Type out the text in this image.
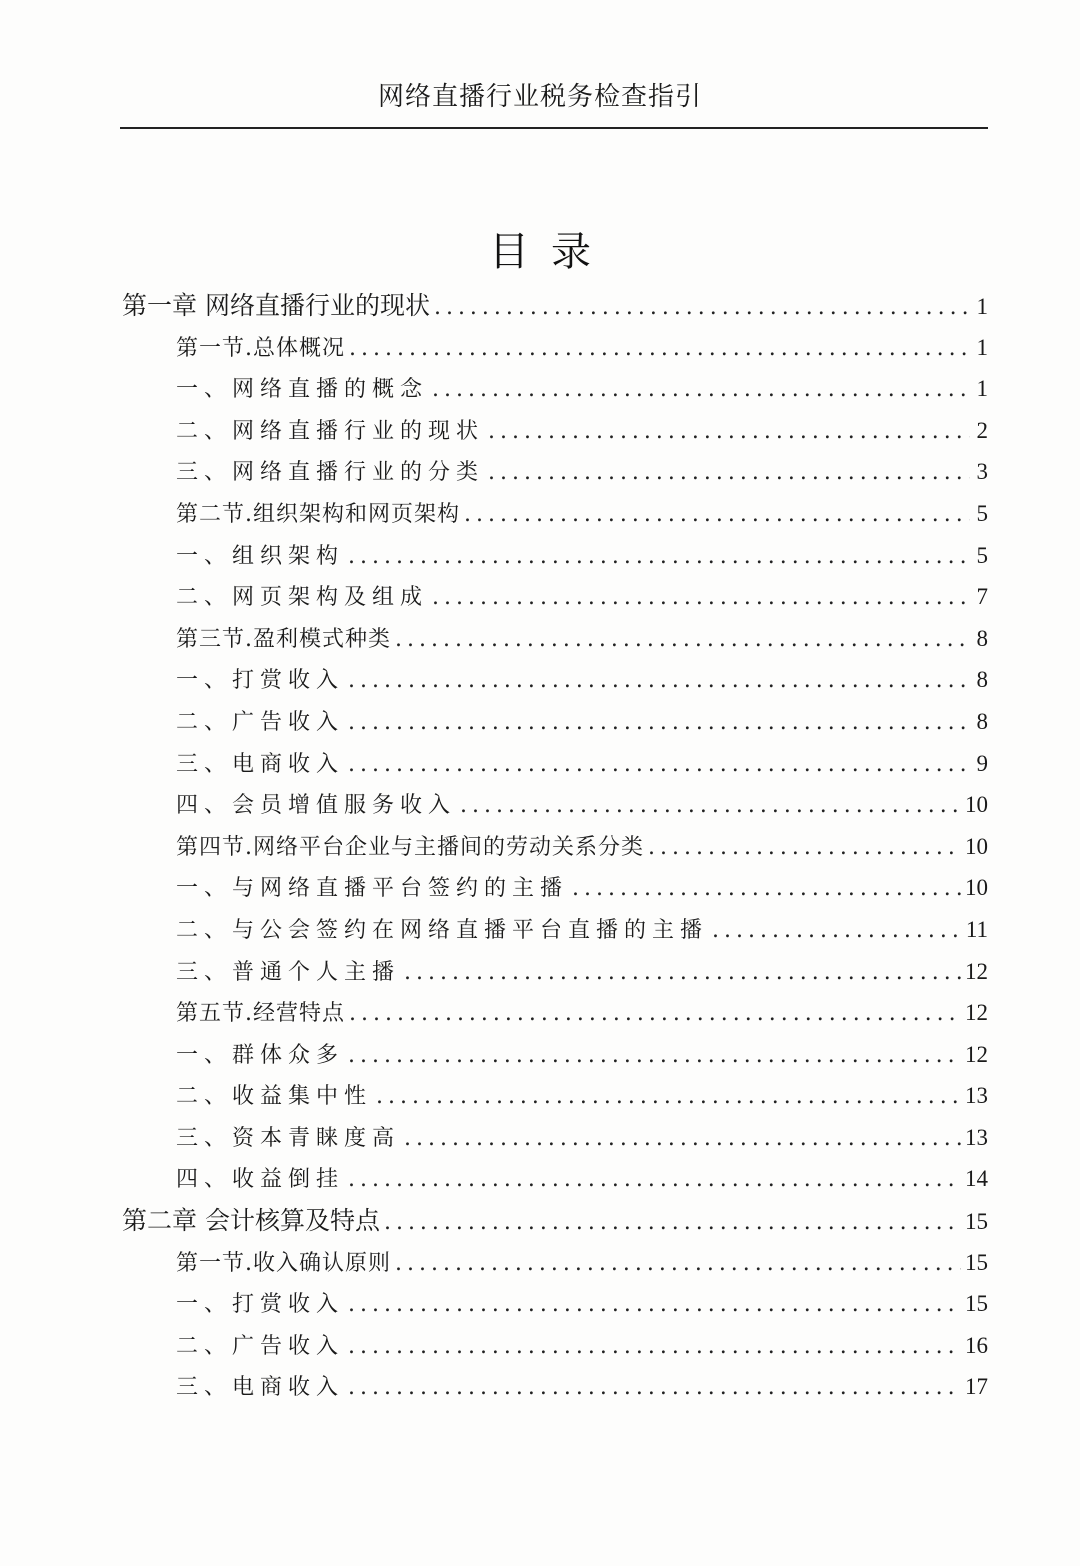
网络直播行业税务检查指引
目录
第一章 网络直播行业的现状 .....	1
第一节.总体概况 .....	1
一、网络直播的概念 .....	1
二、网络直播行业的现状 .....	2
三、网络直播行业的分类 .....	3
第二节.组织架构和网页架构 .....	5
一、组织架构 .....	5
二、网页架构及组成 .....	7
第三节.盈利模式种类 .....	8
一、打赏收入 .....	8
二、广告收入 .....	8
三、电商收入 .....	9
四、会员增值服务收入 .....	10
第四节.网络平台企业与主播间的劳动关系分类 .....	10
一、与网络直播平台签约的主播 .....	10
二、与公会签约在网络直播平台直播的主播 .....	11
三、普通个人主播 .....	12
第五节.经营特点 .....	12
一、群体众多 .....	12
二、收益集中性 .....	13
三、资本青睐度高 .....	13
四、收益倒挂 .....	14
第二章 会计核算及特点 .....	15
第一节.收入确认原则 .....	15
一、打赏收入 .....	15
二、广告收入 .....	16
三、电商收入 .....	17
